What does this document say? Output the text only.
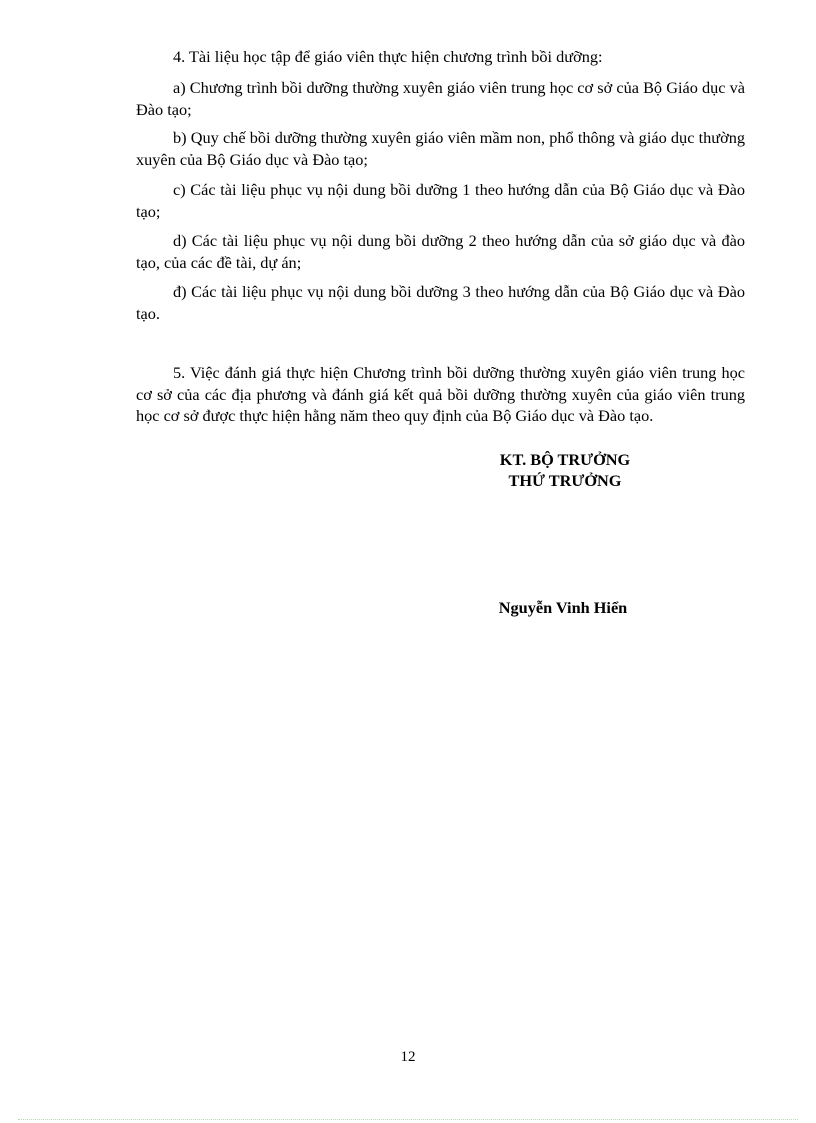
4. Tài liệu học tập để giáo viên thực hiện chương trình bồi dưỡng:

a) Chương trình bồi dưỡng thường xuyên giáo viên trung học cơ sở của Bộ Giáo dục và Đào tạo;

b) Quy chế bồi dưỡng thường xuyên giáo viên mầm non, phổ thông và giáo dục thường xuyên của Bộ Giáo dục và Đào tạo;

c) Các tài liệu phục vụ nội dung bồi dưỡng 1 theo hướng dẫn của Bộ Giáo dục và Đào tạo;

d) Các tài liệu phục vụ nội dung bồi dưỡng 2 theo hướng dẫn của sở giáo dục và đào tạo, của các đề tài, dự án;

đ) Các tài liệu phục vụ nội dung bồi dưỡng 3 theo hướng dẫn của Bộ Giáo dục và Đào tạo.

5. Việc đánh giá thực hiện Chương trình bồi dưỡng thường xuyên giáo viên trung học cơ sở của các địa phương và đánh giá kết quả bồi dưỡng thường xuyên của giáo viên trung học cơ sở được thực hiện hằng năm theo quy định của Bộ Giáo dục và Đào tạo.

KT. BỘ TRƯỞNG
THỨ TRƯỞNG
Nguyễn Vinh Hiển
12
